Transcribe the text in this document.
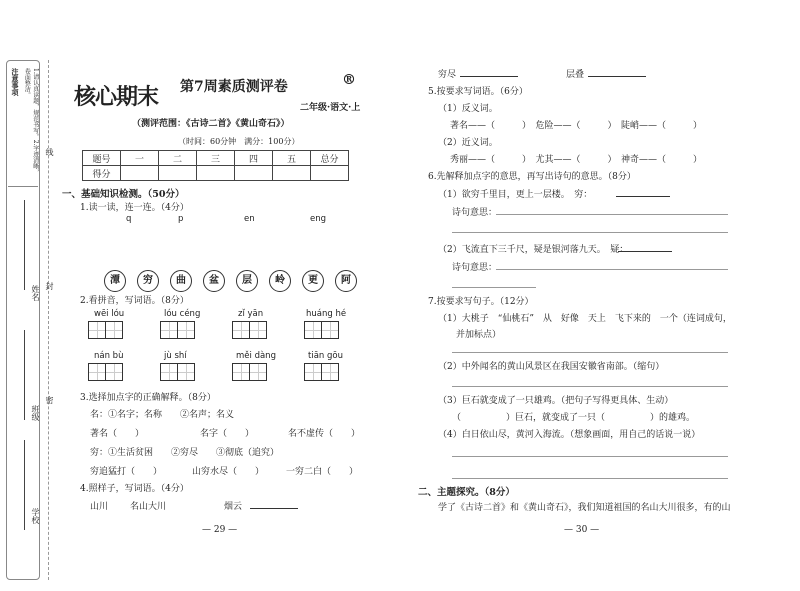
注意事项	1.请认真读题，规范书写。2.字迹清晰，卷面整洁。
姓名
班级
学校
线
封
密
核心期末 第7周素质测评卷	®
二年级·语文·上
（测评范围：《古诗二首》《黄山奇石》）
（时间：60分钟　满分：100分）
题号	一	二	三	四	五	总分
得分						
一、基础知识检测。（50分）
1.读一读，连一连。（4分）
q	p	en	eng
潭 穷 曲 盆 层 岭 更 阿
2.看拼音，写词语。（8分）
wēi lóu	lóu céng	zǐ yān	huáng hé
nán bù	jù shí	měi dàng	tiān gōu
3.选择加点字的正确解释。（8分）
名：①名字；名称　　②名声；名义
著名（　　）	名字（　　）	名不虚传（　　）
穷：①生活贫困　　②穷尽　　③彻底（追究）
穷追猛打（　　）	山穷水尽（　　） 一穷二白（　　）
4.照样子，写词语。（4分）
山川 名山大川	烟云
— 29 —
穷尽	层叠
5.按要求写词语。（6分）
（1）反义词。
著名——（　　　）　危险——（　　　）　陡峭——（　　　）
（2）近义词。
秀丽——（　　　）　尤其——（　　　）　神奇——（　　　）
6.先解释加点字的意思，再写出诗句的意思。（8分）
（1）欲穷千里目，更上一层楼。　穷：
诗句意思：
（2）飞流直下三千尺，疑是银河落九天。　疑：
诗句意思：
7.按要求写句子。（12分）
（1）大桃子　“仙桃石”　从　好像　天上　飞下来的　一个（连词成句，
并加标点）
（2）中外闻名的黄山风景区在我国安徽省南部。（缩句）
（3）巨石就变成了一只雄鸡。（把句子写得更具体、生动）
（　　　　　）巨石，就变成了一只（　　　　　）的雄鸡。
（4）白日依山尽，黄河入海流。（想象画面，用自己的话说一说）
二、主题探究。（8分）
学了《古诗二首》和《黄山奇石》，我们知道祖国的名山大川很多，有的山
— 30 —
